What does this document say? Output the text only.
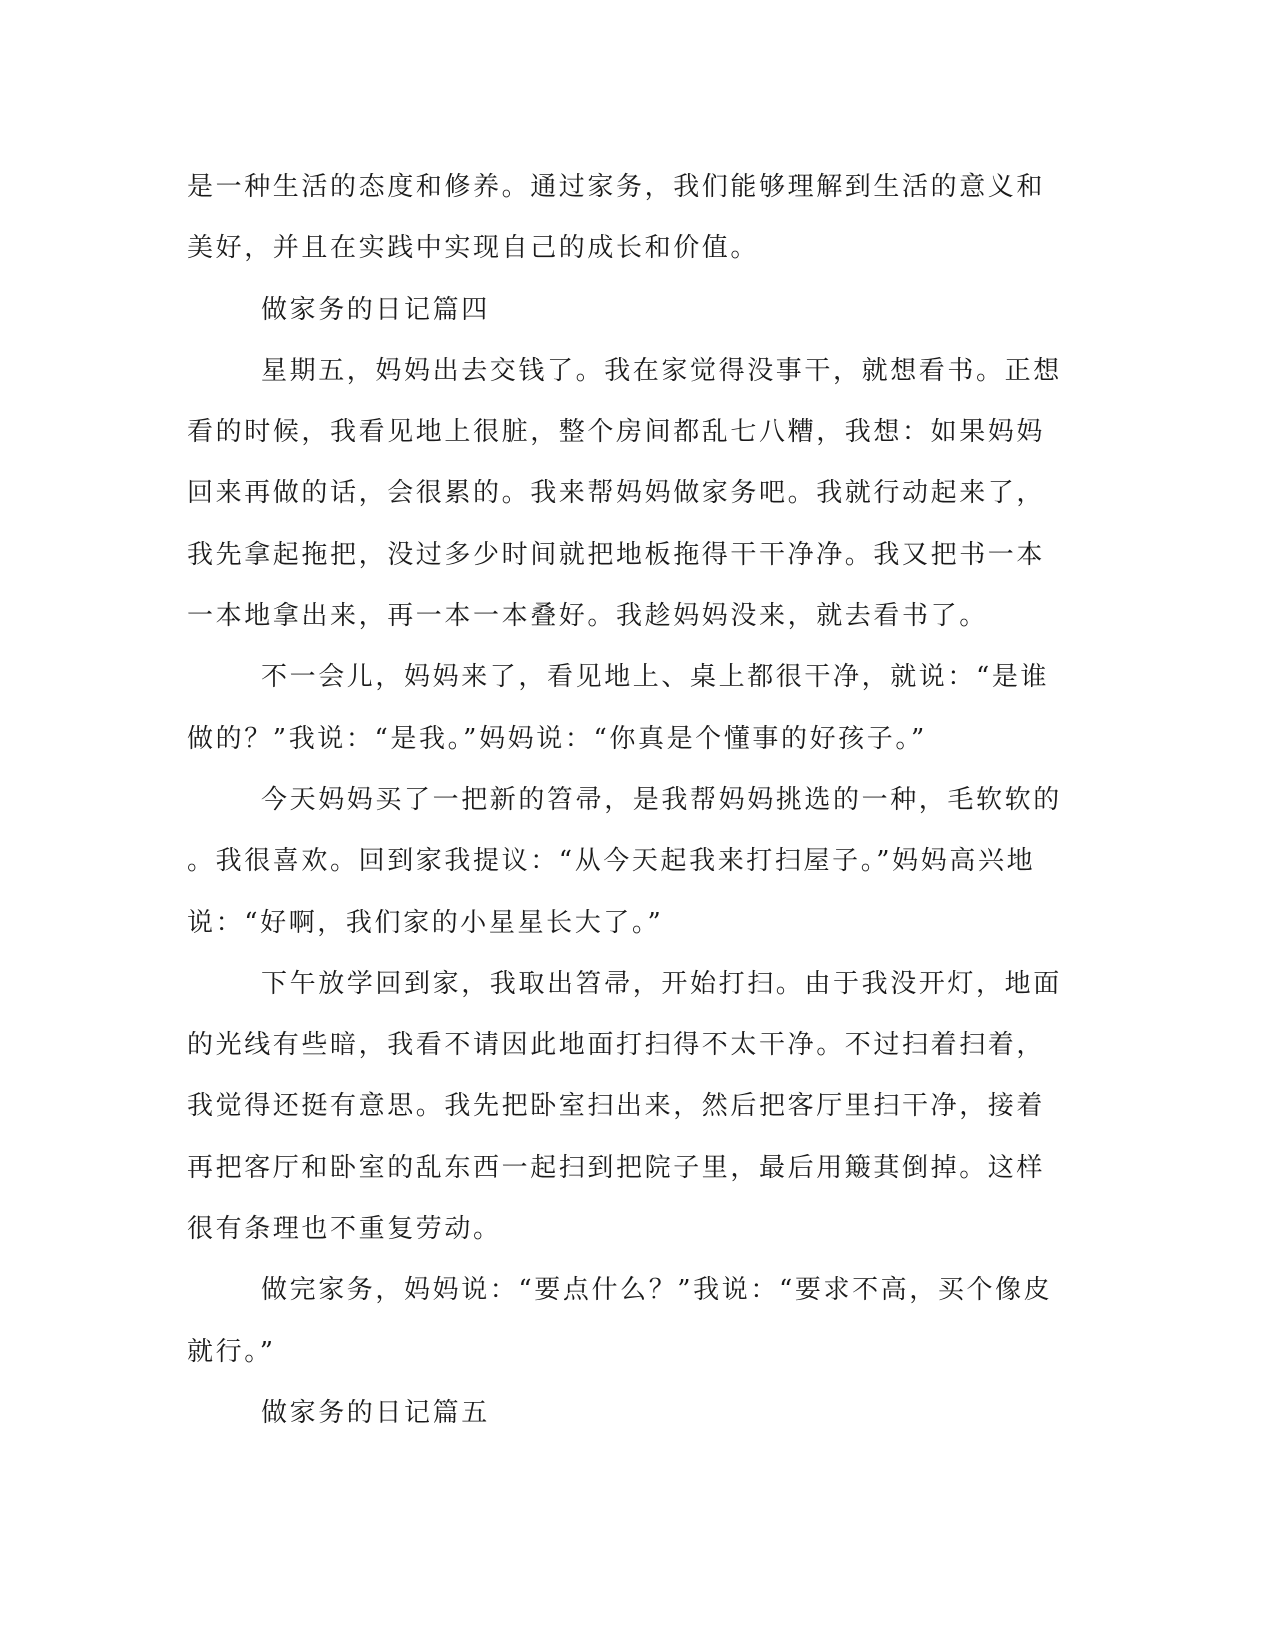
是一种生活的态度和修养。通过家务，我们能够理解到生活的意义和
美好，并且在实践中实现自己的成长和价值。
做家务的日记篇四
星期五，妈妈出去交钱了。我在家觉得没事干，就想看书。正想
看的时候，我看见地上很脏，整个房间都乱七八糟，我想：如果妈妈
回来再做的话，会很累的。我来帮妈妈做家务吧。我就行动起来了，
我先拿起拖把，没过多少时间就把地板拖得干干净净。我又把书一本
一本地拿出来，再一本一本叠好。我趁妈妈没来，就去看书了。
不一会儿，妈妈来了，看见地上、桌上都很干净，就说：“是谁
做的？”我说：“是我。”妈妈说：“你真是个懂事的好孩子。”
今天妈妈买了一把新的笤帚，是我帮妈妈挑选的一种，毛软软的
。我很喜欢。回到家我提议：“从今天起我来打扫屋子。”妈妈高兴地
说：“好啊，我们家的小星星长大了。”
下午放学回到家，我取出笤帚，开始打扫。由于我没开灯，地面
的光线有些暗，我看不请因此地面打扫得不太干净。不过扫着扫着，
我觉得还挺有意思。我先把卧室扫出来，然后把客厅里扫干净，接着
再把客厅和卧室的乱东西一起扫到把院子里，最后用簸萁倒掉。这样
很有条理也不重复劳动。
做完家务，妈妈说：“要点什么？”我说：“要求不高，买个像皮
就行。”
做家务的日记篇五
